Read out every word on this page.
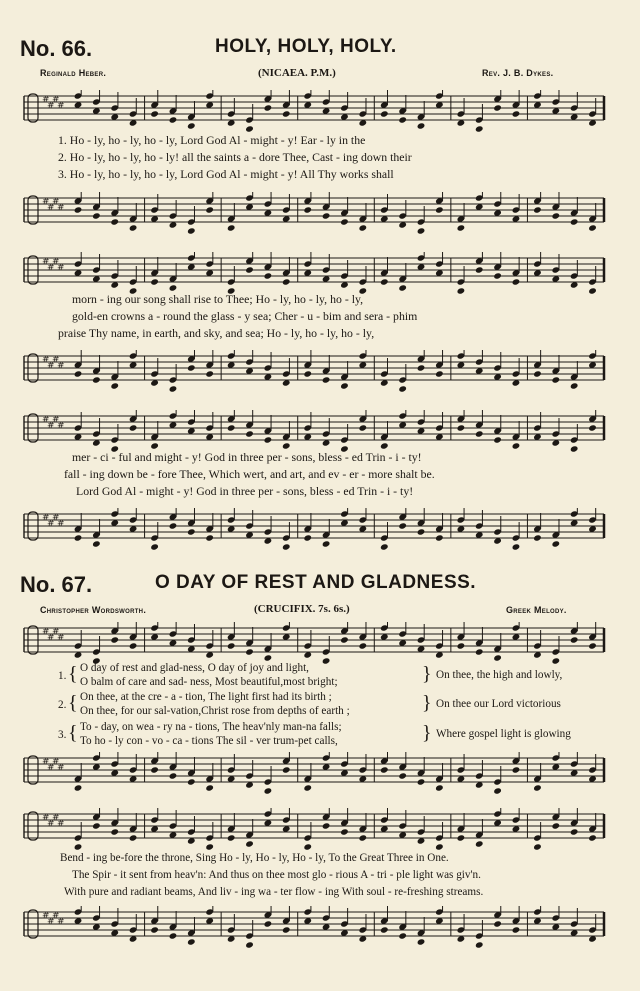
No. 66.	HOLY, HOLY, HOLY.
Reginald Heber.	(NICAEA. P.M.)	Rev. J. B. Dykes.
#
#
#
#
1. Ho - ly, ho - ly, ho - ly, Lord God Al - might - y! Ear - ly in the
2. Ho - ly, ho - ly, ho - ly! all the saints a - dore Thee, Cast - ing down their
3. Ho - ly, ho - ly, ho - ly, Lord God Al - might - y! All Thy works shall
#
#
#
#
#
#
#
#
morn - ing our song shall rise to Thee; Ho - ly, ho - ly, ho - ly,
gold-en crowns a - round the glass - y sea; Cher - u - bim and sera - phim
praise Thy name, in earth, and sky, and sea; Ho - ly, ho - ly, ho - ly,
#
#
#
#
#
#
#
#
mer - ci - ful and might - y! God in three per - sons, bless - ed Trin - i - ty!
fall - ing down be - fore Thee, Which wert, and art, and ev - er - more shalt be.
Lord God Al - might - y! God in three per - sons, bless - ed Trin - i - ty!
#
#
#
#
No. 67.	O DAY OF REST AND GLADNESS.
Christopher Wordsworth.	(CRUCIFIX. 7s. 6s.)	Greek Melody.
#
#
#
#
1. { O day of rest and glad-ness, O day of joy and light,
O balm of care and sad- ness, Most beautiful,most bright;	} On thee, the high and lowly,
2. { On thee, at the cre - a - tion, The light first had its birth ;
On thee, for our sal-vation,Christ rose from depths of earth ;	} On thee our Lord victorious
3. { To - day, on wea - ry na - tions, The heav'nly man-na falls;
To ho - ly con - vo - ca - tions The sil - ver trum-pet calls,	} Where gospel light is glowing
#
#
#
#
#
#
#
#
Bend - ing be-fore the throne, Sing Ho - ly, Ho - ly, Ho - ly, To the Great Three in One.
The Spir - it sent from heav'n: And thus on thee most glo - rious A - tri - ple light was giv'n.
With pure and radiant beams, And liv - ing wa - ter flow - ing With soul - re-freshing streams.
#
#
#
#
